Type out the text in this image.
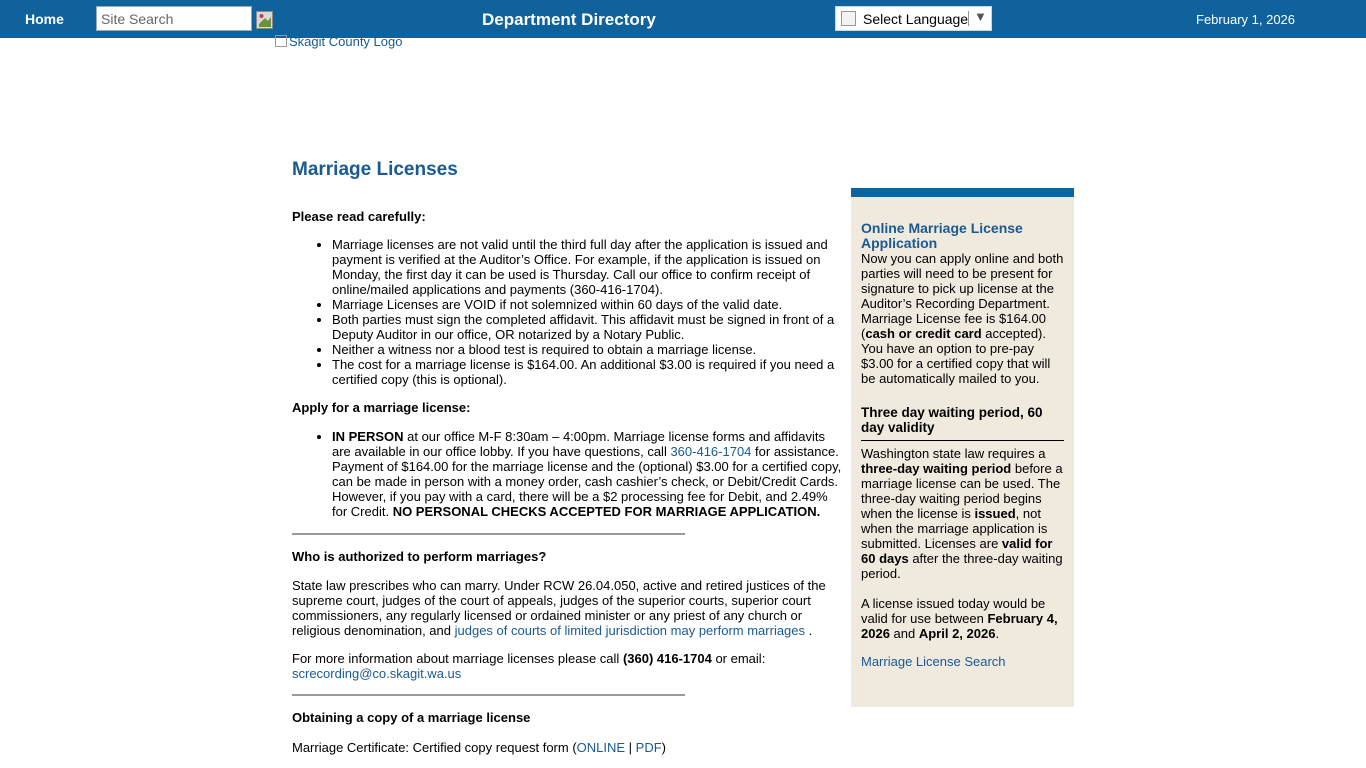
Home
Site Search	Department Directory	Select Language ▼	February 1, 2026
Skagit County Logo
Marriage Licenses

Please read carefully:

• Marriage licenses are not valid until the third full day after the application is issued and payment is verified at the Auditor’s Office. For example, if the application is issued on Monday, the first day it can be used is Thursday. Call our office to confirm receipt of online/mailed applications and payments (360-416-1704).
• Marriage Licenses are VOID if not solemnized within 60 days of the valid date.
• Both parties must sign the completed affidavit. This affidavit must be signed in front of a Deputy Auditor in our office, OR notarized by a Notary Public.
• Neither a witness nor a blood test is required to obtain a marriage license.
• The cost for a marriage license is $164.00. An additional $3.00 is required if you need a certified copy (this is optional).

Apply for a marriage license:

• IN PERSON at our office M-F 8:30am – 4:00pm. Marriage license forms and affidavits are available in our office lobby. If you have questions, call 360-416-1704 for assistance. Payment of $164.00 for the marriage license and the (optional) $3.00 for a certified copy, can be made in person with a money order, cash cashier’s check, or Debit/Credit Cards. However, if you pay with a card, there will be a $2 processing fee for Debit, and 2.49% for Credit. NO PERSONAL CHECKS ACCEPTED FOR MARRIAGE APPLICATION.

Who is authorized to perform marriages?

State law prescribes who can marry. Under RCW 26.04.050, active and retired justices of the supreme court, judges of the court of appeals, judges of the superior courts, superior court commissioners, any regularly licensed or ordained minister or any priest of any church or religious denomination, and judges of courts of limited jurisdiction may perform marriages .

For more information about marriage licenses please call (360) 416-1704 or email:
screcording@co.skagit.wa.us

Obtaining a copy of a marriage license

Marriage Certificate: Certified copy request form (ONLINE | PDF)

Online Marriage License Application

Now you can apply online and both parties will need to be present for signature to pick up license at the Auditor’s Recording Department.

Marriage License fee is $164.00 (cash or credit card accepted). You have an option to pre-pay $3.00 for a certified copy that will be automatically mailed to you.

Three day waiting period, 60 day validity

Washington state law requires a three-day waiting period before a marriage license can be used. The three-day waiting period begins when the license is issued, not when the marriage application is submitted. Licenses are valid for 60 days after the three-day waiting period.

A license issued today would be valid for use between February 4, 2026 and April 2, 2026.

Marriage License Search
